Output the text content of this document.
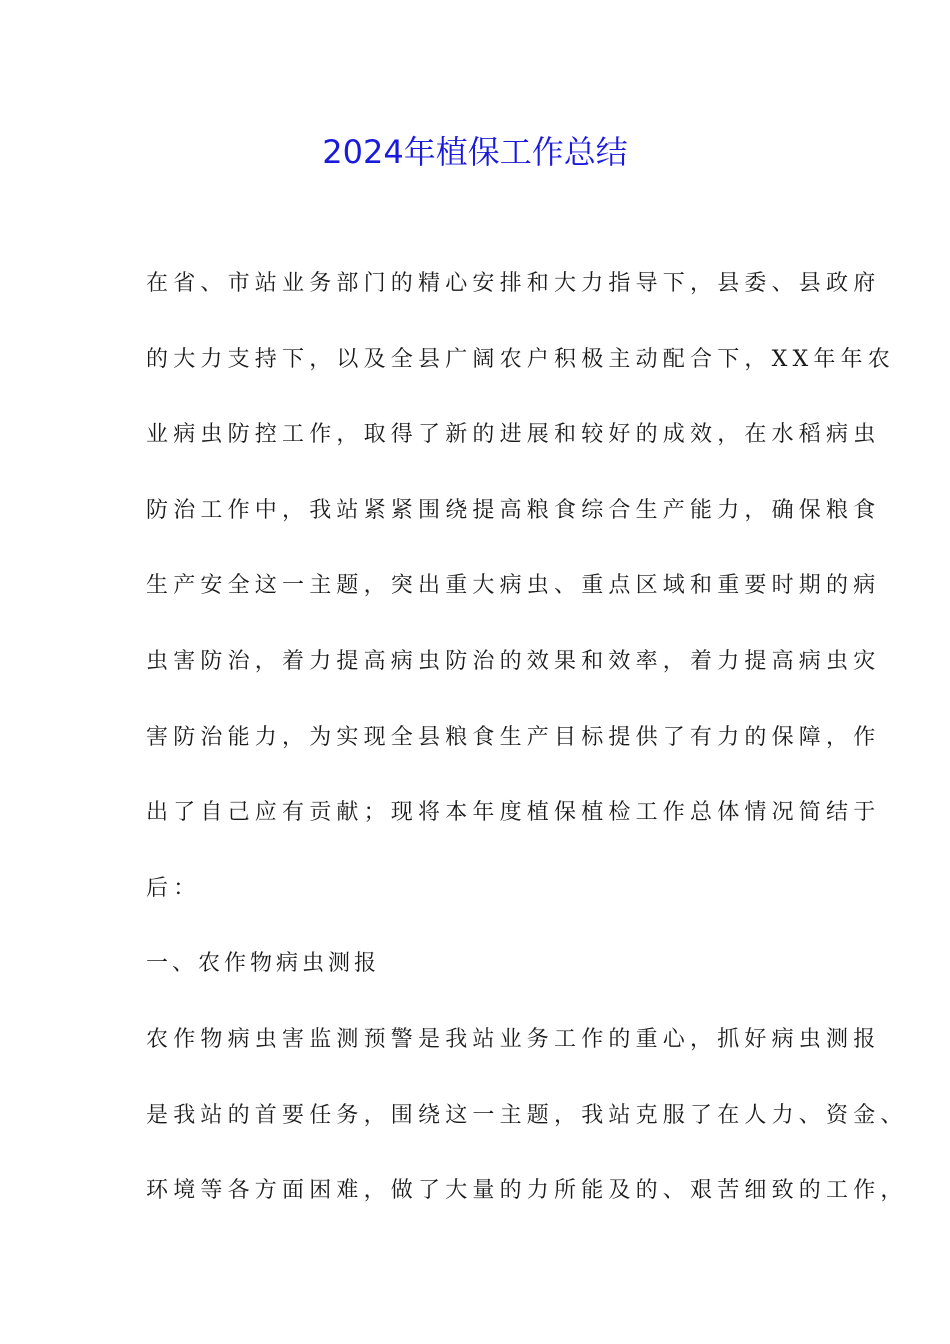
2024年植保工作总结
在省、市站业务部门的精心安排和大力指导下，县委、县政府
的大力支持下，以及全县广阔农户积极主动配合下，XX年年农
业病虫防控工作，取得了新的进展和较好的成效，在水稻病虫
防治工作中，我站紧紧围绕提高粮食综合生产能力，确保粮食
生产安全这一主题，突出重大病虫、重点区域和重要时期的病
虫害防治，着力提高病虫防治的效果和效率，着力提高病虫灾
害防治能力，为实现全县粮食生产目标提供了有力的保障，作
出了自己应有贡献；现将本年度植保植检工作总体情况简结于
后：
一、农作物病虫测报
农作物病虫害监测预警是我站业务工作的重心，抓好病虫测报
是我站的首要任务，围绕这一主题，我站克服了在人力、资金、
环境等各方面困难，做了大量的力所能及的、艰苦细致的工作，
